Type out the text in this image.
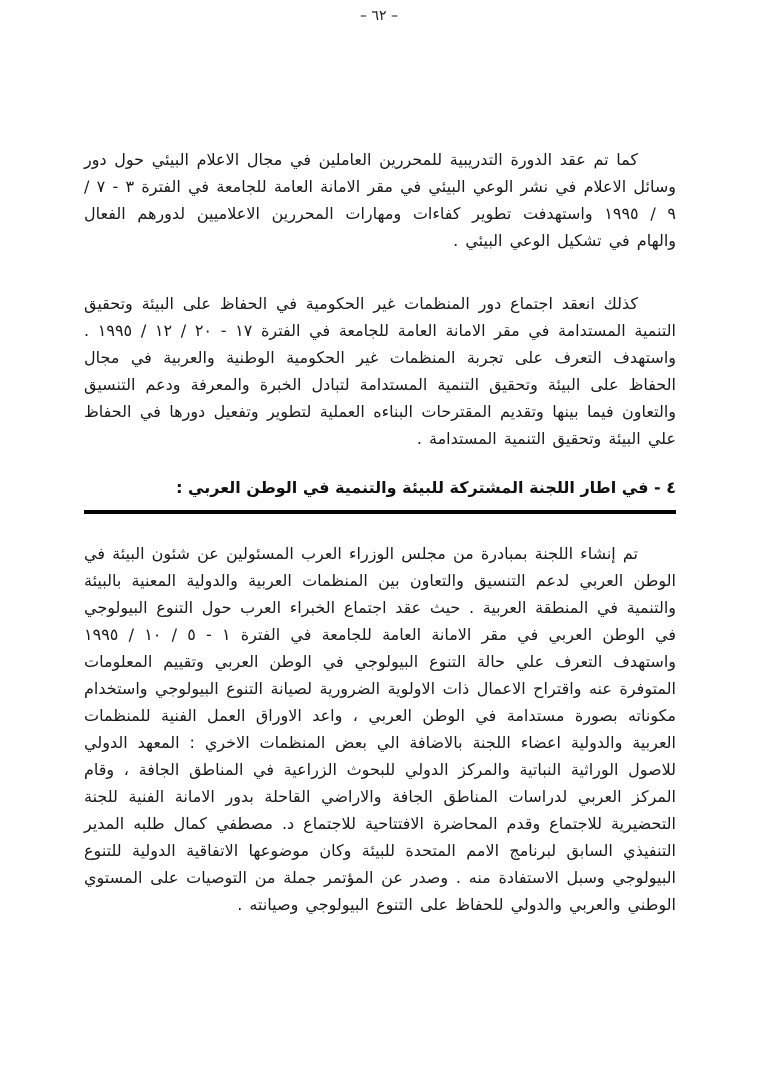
– ٦٢ –

كما تم عقد الدورة التدريبية للمحررين العاملين في مجال الاعلام البيئي حول دور وسائل الاعلام في نشر الوعي البيئي في مقر الامانة العامة للجامعة في الفترة ٣ - ٧ / ٩ / ١٩٩٥ واستهدفت تطوير كفاءات ومهارات المحررين الاعلاميين لدورهم الفعال والهام في تشكيل الوعي البيئي .

كذلك انعقد اجتماع دور المنظمات غير الحكومية في الحفاظ على البيئة وتحقيق التنمية المستدامة في مقر الامانة العامة للجامعة في الفترة ١٧ - ٢٠ / ١٢ / ١٩٩٥ . واستهدف التعرف على تجربة المنظمات غير الحكومية الوطنية والعربية في مجال الحفاظ على البيئة وتحقيق التنمية المستدامة لتبادل الخبرة والمعرفة ودعم التنسيق والتعاون فيما بينها وتقديم المقترحات البناءه العملية لتطوير وتفعيل دورها في الحفاظ علي البيئة وتحقيق التنمية المستدامة .

٤ - في اطار اللجنة المشتركة للبيئة والتنمية في الوطن العربي :

تم إنشاء اللجنة بمبادرة من مجلس الوزراء العرب المسئولين عن شئون البيئة في الوطن العربي لدعم التنسيق والتعاون بين المنظمات العربية والدولية المعنية بالبيئة والتنمية في المنطقة العربية . حيث عقد اجتماع الخبراء العرب حول التنوع البيولوجي في الوطن العربي في مقر الامانة العامة للجامعة في الفترة ١ - ٥ / ١٠ / ١٩٩٥ واستهدف التعرف علي حالة التنوع البيولوجي في الوطن العربي وتقييم المعلومات المتوفرة عنه واقتراح الاعمال ذات الاولوية الضرورية لصيانة التنوع البيولوجي واستخدام مكوناته بصورة مستدامة في الوطن العربي ، واعد الاوراق العمل الفنية للمنظمات العربية والدولية اعضاء اللجنة بالاضافة الي بعض المنظمات الاخري : المعهد الدولي للاصول الوراثية النباتية والمركز الدولي للبحوث الزراعية في المناطق الجافة ، وقام المركز العربي لدراسات المناطق الجافة والاراضي القاحلة بدور الامانة الفنية للجنة التحضيرية للاجتماع وقدم المحاضرة الافتتاحية للاجتماع د. مصطفي كمال طلبه المدير التنفيذي السابق لبرنامج الامم المتحدة للبيئة وكان موضوعها الاتفاقية الدولية للتنوع البيولوجي وسبل الاستفادة منه . وصدر عن المؤتمر جملة من التوصيات على المستوي الوطني والعربي والدولي للحفاظ على التنوع البيولوجي وصيانته .
